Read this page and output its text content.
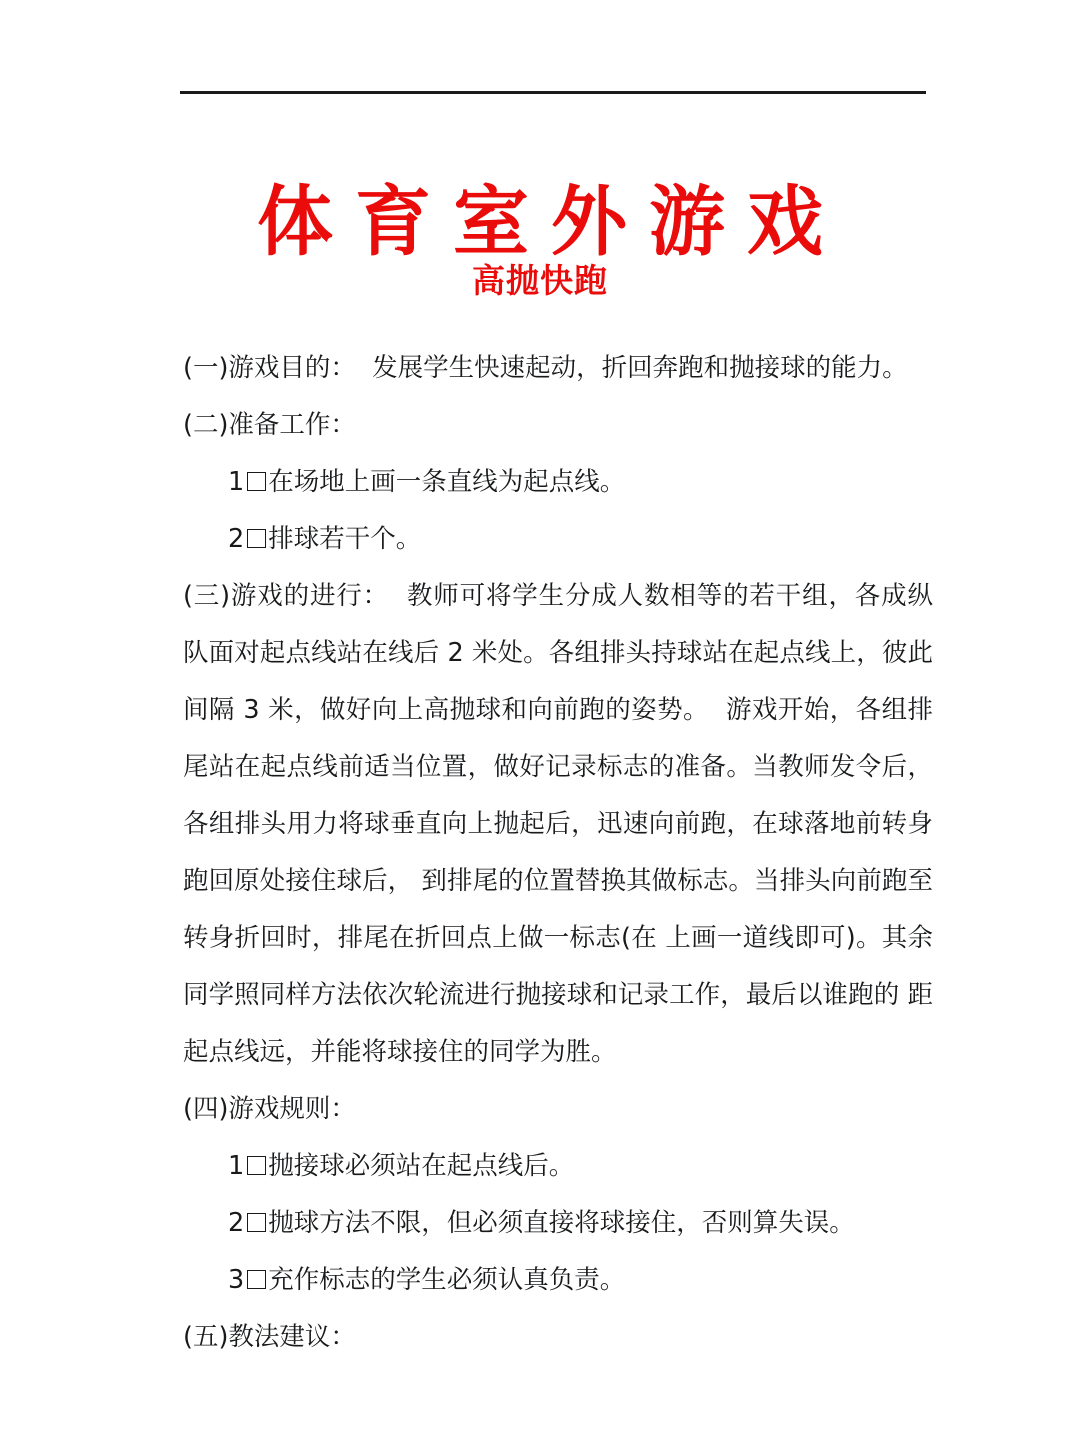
体育室外游戏
高抛快跑
(一)游戏目的：  发展学生快速起动，折回奔跑和抛接球的能力。
(二)准备工作：
1 在场地上画一条直线为起点线。
2 排球若干个。
(三)游戏的进行：  教师可将学生分成人数相等的若干组，各成纵队面对起点线站在线后 2 米处。各组排头持球站在起点线上，彼此间隔 3 米，做好向上高抛球和向前跑的姿势。  游戏开始，各组排尾站在起点线前适当位置，做好记录标志的准备。当教师发令后，各组排头用力将球垂直向上抛起后，迅速向前跑，在球落地前转身跑回原处接住球后， 到排尾的位置替换其做标志。当排头向前跑至转身折回时，排尾在折回点上做一标志(在 上画一道线即可)。其余同学照同样方法依次轮流进行抛接球和记录工作，最后以谁跑的 距起点线远，并能将球接住的同学为胜。
(四)游戏规则：
1 抛接球必须站在起点线后。
2 抛球方法不限，但必须直接将球接住，否则算失误。
3 充作标志的学生必须认真负责。
(五)教法建议：
